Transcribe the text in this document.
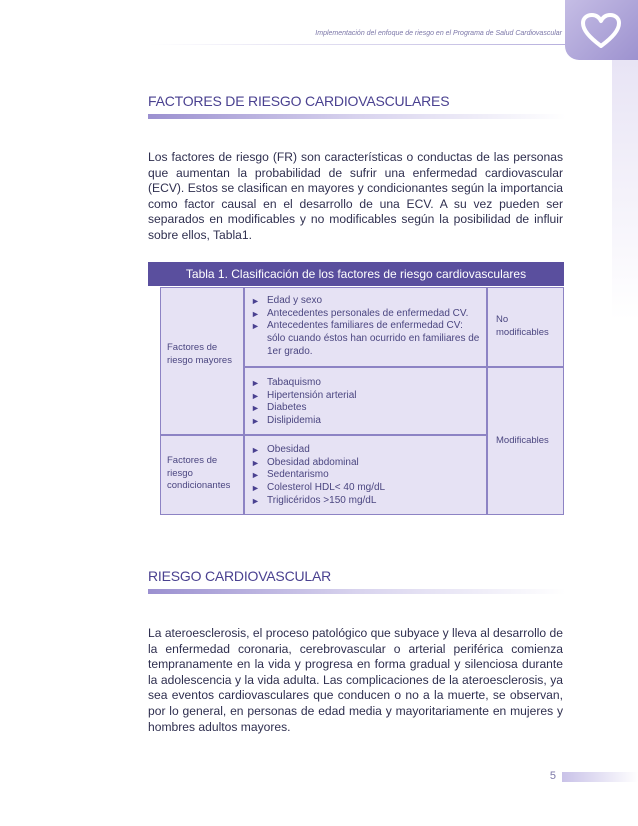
Implementación del enfoque de riesgo en el Programa de Salud Cardiovascular
FACTORES DE RIESGO CARDIOVASCULARES

Los factores de riesgo (FR) son características o conductas de las personas que aumentan la probabilidad de sufrir una enfermedad cardiovascular (ECV). Estos se clasifican en mayores y condicionantes según la importancia como factor causal en el desarrollo de una ECV. A su vez pueden ser separados en modificables y no modificables según la posibilidad de influir sobre ellos, Tabla1.

Tabla 1. Clasificación de los factores de riesgo cardiovasculares
Factores de riesgo mayores
► Edad y sexo
► Antecedentes personales de enfermedad CV.
► Antecedentes familiares de enfermedad CV: sólo cuando éstos han ocurrido en familiares de 1er grado.
No modificables
► Tabaquismo
► Hipertensión arterial
► Diabetes
► Dislipidemia
Modificables
Factores de riesgo condicionantes
► Obesidad
► Obesidad abdominal
► Sedentarismo
► Colesterol HDL< 40 mg/dL
► Triglicéridos >150 mg/dL
RIESGO CARDIOVASCULAR

La ateroesclerosis, el proceso patológico que subyace y lleva al desarrollo de la enfermedad coronaria, cerebrovascular o arterial periférica comienza tempranamente en la vida y progresa en forma gradual y silenciosa durante la adolescencia y la vida adulta. Las complicaciones de la ateroesclerosis, ya sea eventos cardiovasculares que conducen o no a la muerte, se observan, por lo general, en personas de edad media y mayoritariamente en mujeres y hombres adultos mayores.

5
